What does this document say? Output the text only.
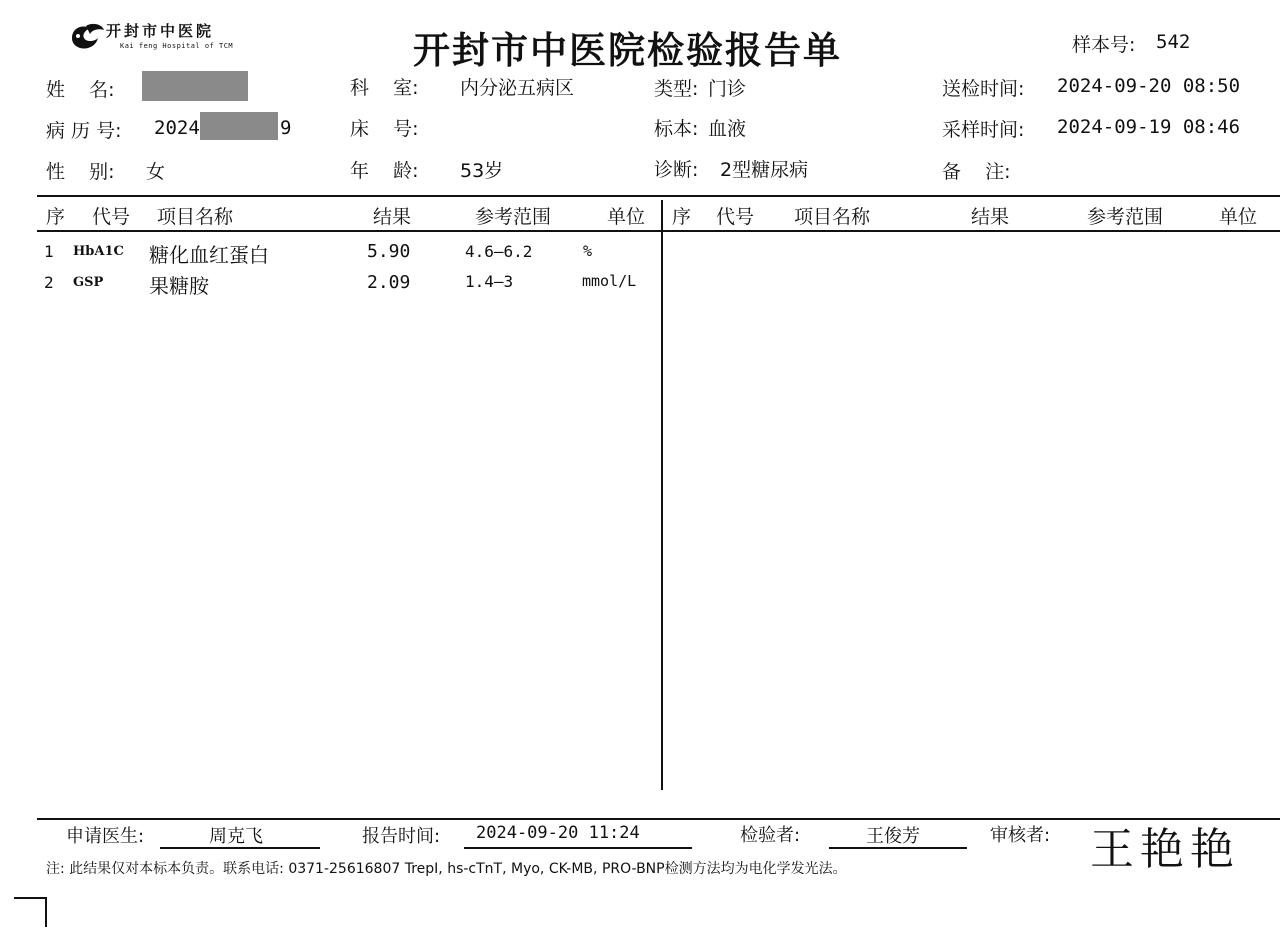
开封市中医院
Kai feng Hospital of TCM	开封市中医院检验报告单	样本号: 542
姓    名:	科    室: 内分泌五病区	类型: 门诊	送检时间: 2024-09-20 08:50
病 历 号: 2024	9	床    号:	标本: 血液	采样时间: 2024-09-19 08:46
性    别: 女	年    龄: 53岁	诊断: 2型糖尿病	备    注:
序 代号 项目名称	结果	参考范围	单位 序 代号 项目名称	结果	参考范围	单位
1 HbA1C 糖化血红蛋白	5.90	4.6—6.2	%
2 GSP 果糖胺	2.09	1.4—3	mmol/L
申请医生:	周克飞	报告时间: 2024-09-20 11:24	检验者:	王俊芳	审核者: 王艳艳
注: 此结果仅对本标本负责。联系电话: 0371-25616807 TrepI, hs-cTnT, Myo, CK-MB, PRO-BNP检测方法均为电化学发光法。
